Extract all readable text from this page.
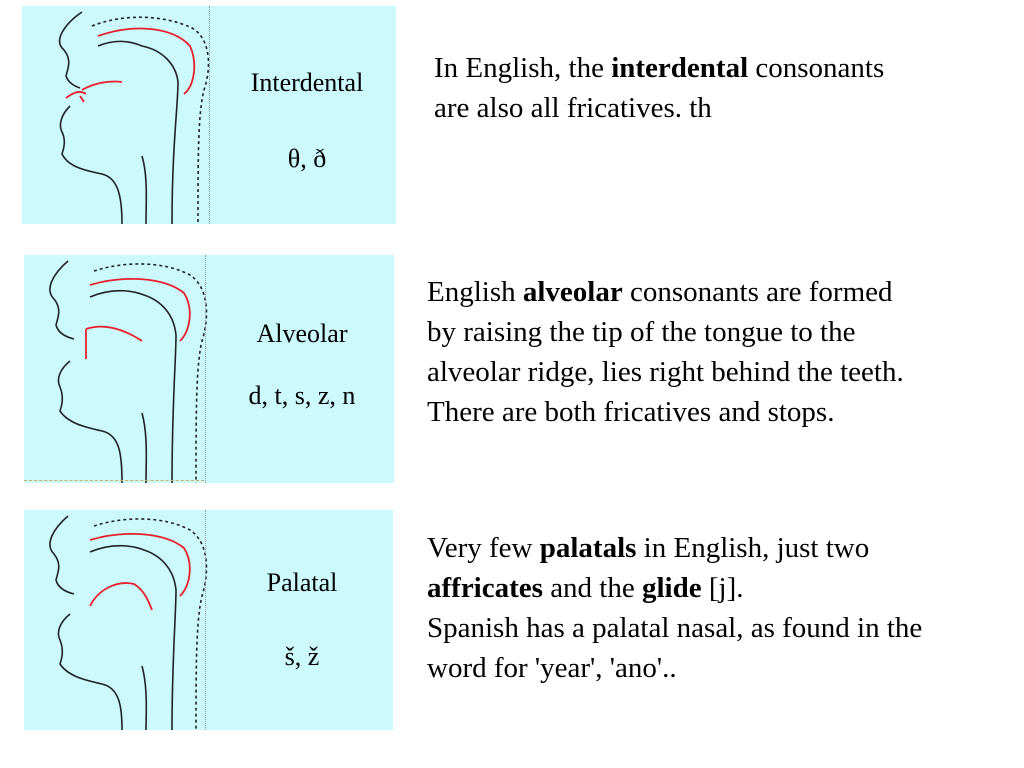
Interdental
θ, ð
Alveolar
d, t, s, z, n
Palatal
š, ž

In English, the interdental consonants

are also all fricatives. th

English alveolar consonants are formed

by raising the tip of the tongue to the

alveolar ridge, lies right behind the teeth.

There are both fricatives and stops.

Very few palatals in English, just two

affricates and the glide [j].

Spanish has a palatal nasal, as found in the

word for 'year', 'ano'..
